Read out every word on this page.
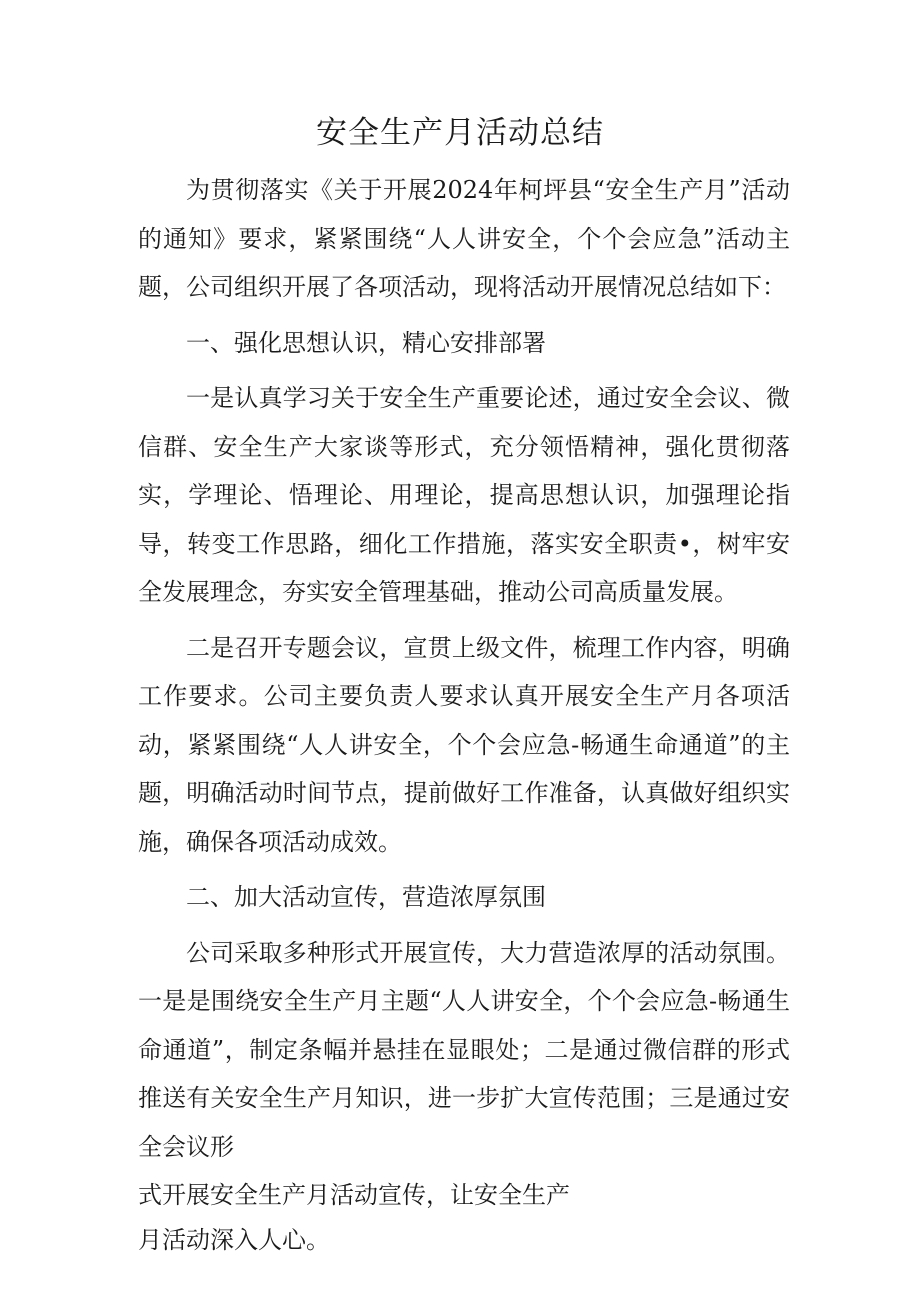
安全生产月活动总结

为贯彻落实《关于开展2024年柯坪县“安全生产月”活动的通知》要求，紧紧围绕“人人讲安全，个个会应急”活动主题，公司组织开展了各项活动，现将活动开展情况总结如下：

一、强化思想认识，精心安排部署

一是认真学习关于安全生产重要论述，通过安全会议、微信群、安全生产大家谈等形式，充分领悟精神，强化贯彻落实，学理论、悟理论、用理论，提高思想认识，加强理论指导，转变工作思路，细化工作措施，落实安全职责•，树牢安全发展理念，夯实安全管理基础，推动公司高质量发展。

二是召开专题会议，宣贯上级文件，梳理工作内容，明确工作要求。公司主要负责人要求认真开展安全生产月各项活动，紧紧围绕“人人讲安全，个个会应急-畅通生命通道”的主题，明确活动时间节点，提前做好工作准备，认真做好组织实施，确保各项活动成效。

二、加大活动宣传，营造浓厚氛围

公司采取多种形式开展宣传，大力营造浓厚的活动氛围。一是是围绕安全生产月主题“人人讲安全，个个会应急-畅通生命通道”，制定条幅并悬挂在显眼处；二是通过微信群的形式推送有关安全生产月知识，进一步扩大宣传范围；三是通过安全会议形

式开展安全生产月活动宣传，让安全生产

月活动深入人心。
